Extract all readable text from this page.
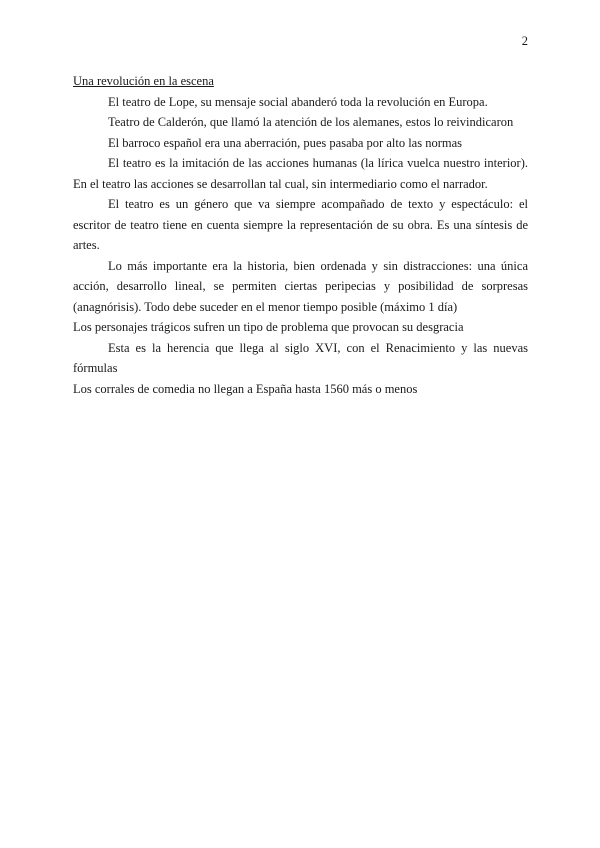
2

Una revolución en la escena

El teatro de Lope, su mensaje social abanderó toda la revolución en Europa.

Teatro de Calderón, que llamó la atención de los alemanes, estos lo reivindicaron

El barroco español era una aberración, pues pasaba por alto las normas

El teatro es la imitación de las acciones humanas (la lírica vuelca nuestro interior). En el teatro las acciones se desarrollan tal cual, sin intermediario como el narrador.

El teatro es un género que va siempre acompañado de texto y espectáculo: el escritor de teatro tiene en cuenta siempre la representación de su obra. Es una síntesis de artes.

Lo más importante era la historia, bien ordenada y sin distracciones: una única acción, desarrollo lineal, se permiten ciertas peripecias y posibilidad de sorpresas (anagnórisis). Todo debe suceder en el menor tiempo posible (máximo 1 día)

Los personajes trágicos sufren un tipo de problema que provocan su desgracia

Esta es la herencia que llega al siglo XVI, con el Renacimiento y las nuevas fórmulas

Los corrales de comedia no llegan a España hasta 1560 más o menos
